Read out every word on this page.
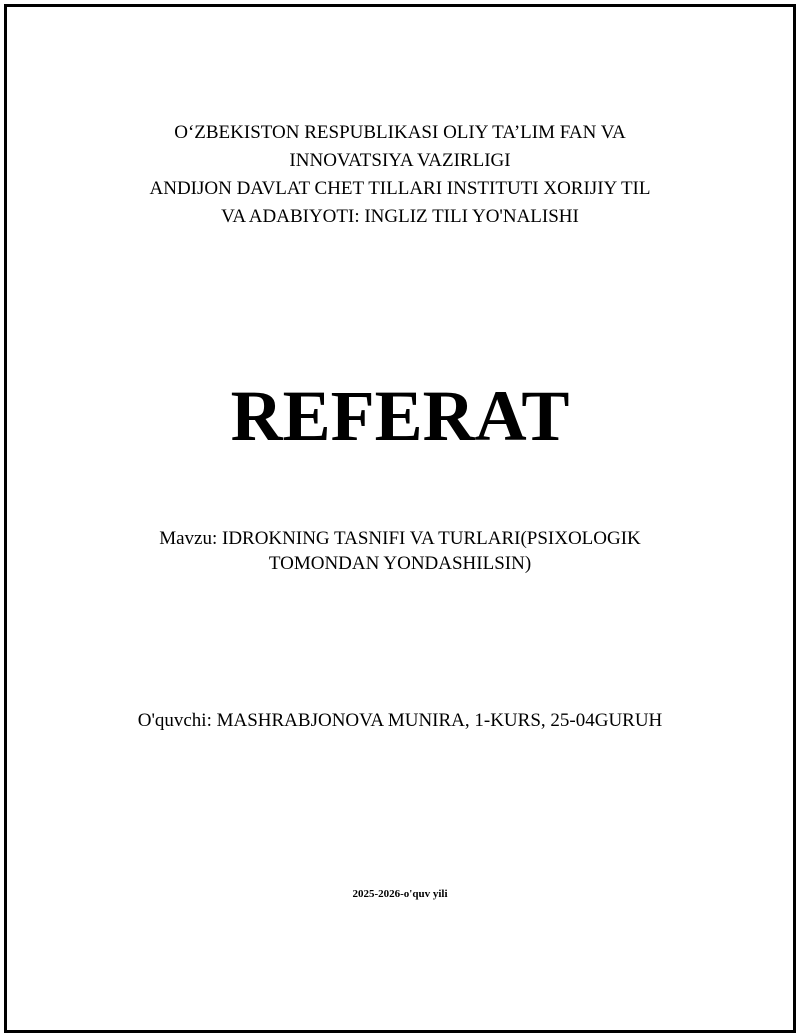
O‘ZBEKISTON RESPUBLIKASI OLIY TA’LIM FAN VA
INNOVATSIYA VAZIRLIGI
ANDIJON DAVLAT CHET TILLARI INSTITUTI XORIJIY TIL
VA ADABIYOTI: INGLIZ TILI YO'NALISHI
REFERAT
Mavzu: IDROKNING TASNIFI VA TURLARI(PSIXOLOGIK
TOMONDAN YONDASHILSIN)
O'quvchi: MASHRABJONOVA MUNIRA, 1-KURS, 25-04GURUH
2025-2026-o'quv yili
